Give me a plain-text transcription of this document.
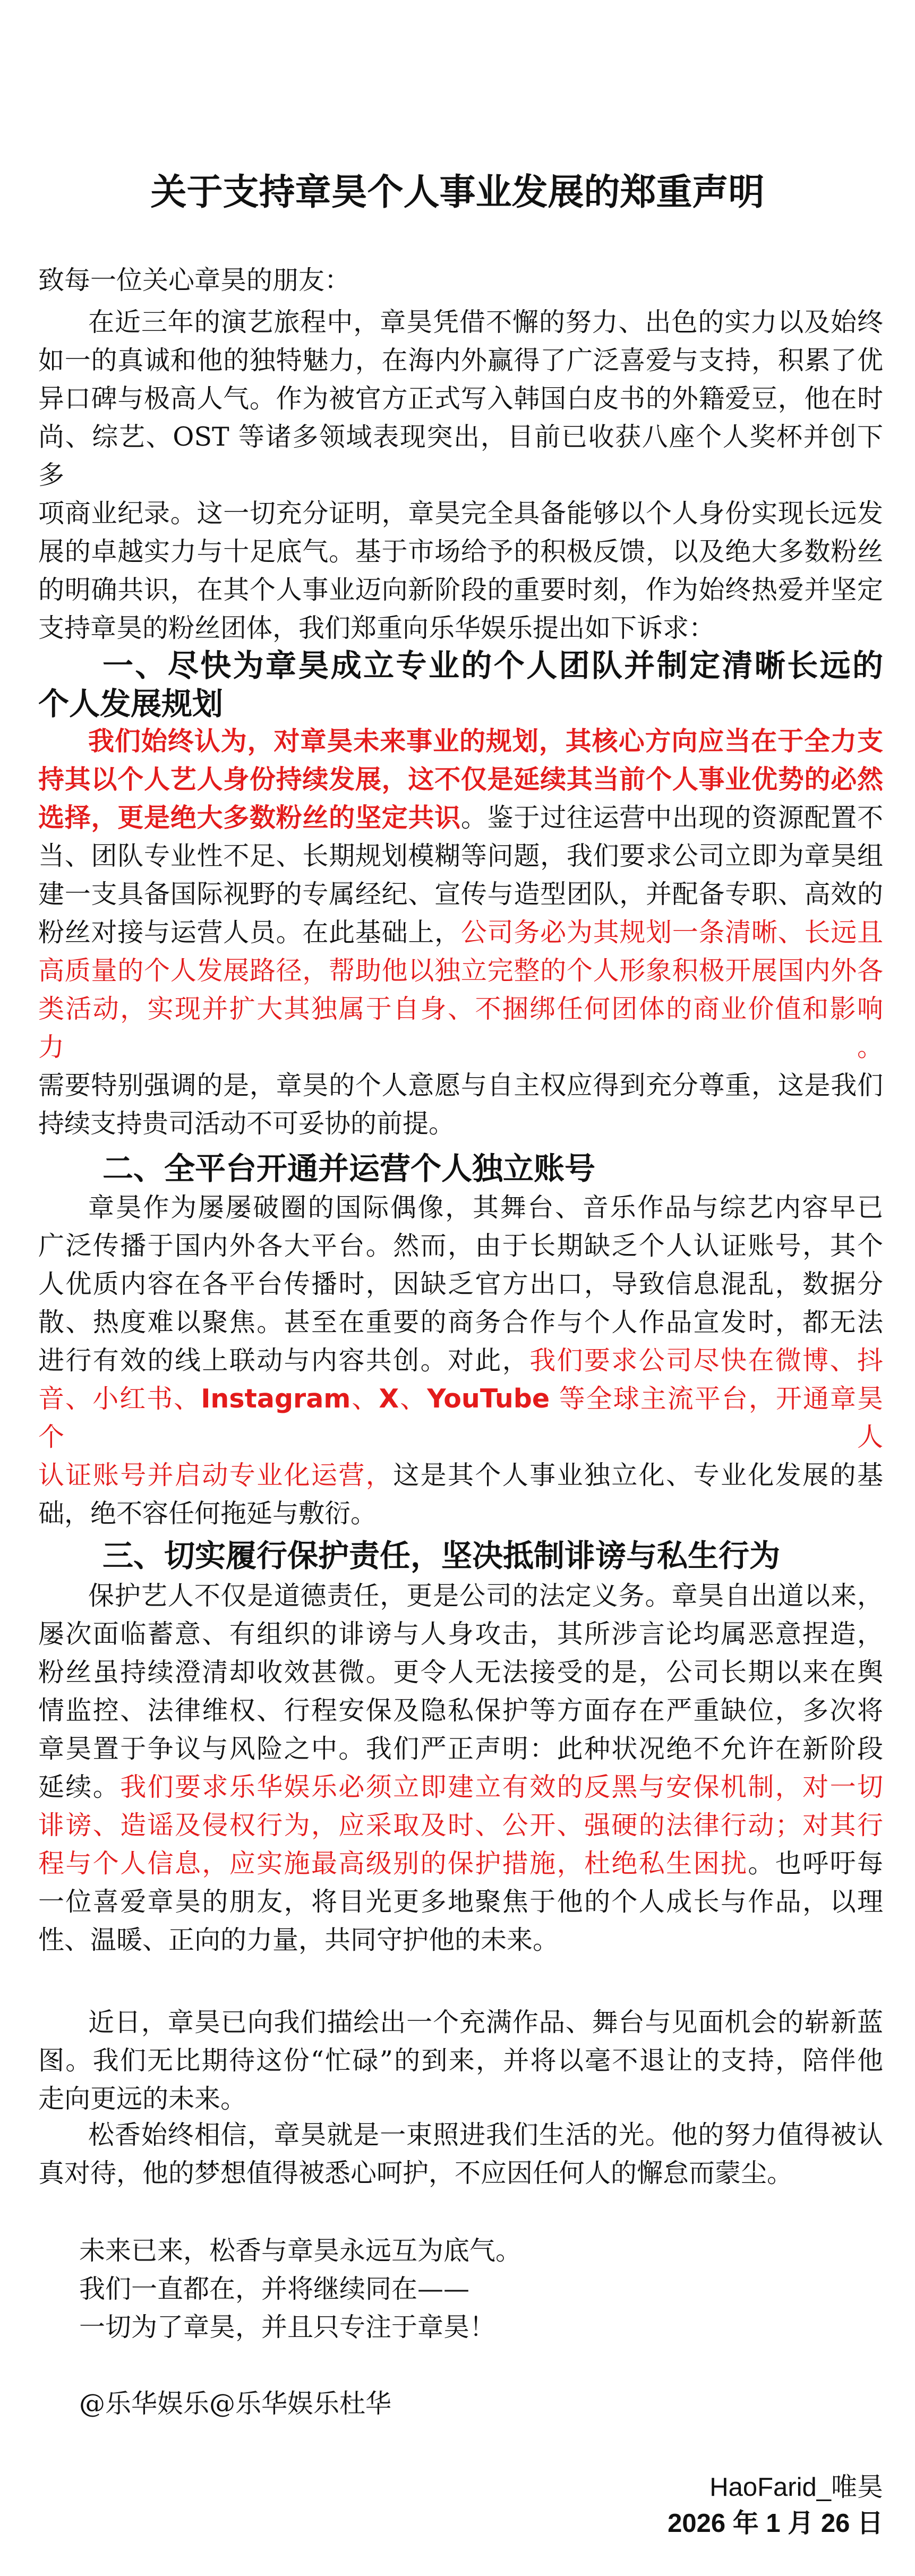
关于支持章昊个人事业发展的郑重声明
致每一位关心章昊的朋友：
在近三年的演艺旅程中，章昊凭借不懈的努力、出色的实力以及始终
如一的真诚和他的独特魅力，在海内外赢得了广泛喜爱与支持，积累了优
异口碑与极高人气。作为被官方正式写入韩国白皮书的外籍爱豆，他在时
尚、综艺、OST 等诸多领域表现突出，目前已收获八座个人奖杯并创下多
项商业纪录。这一切充分证明，章昊完全具备能够以个人身份实现长远发
展的卓越实力与十足底气。基于市场给予的积极反馈，以及绝大多数粉丝
的明确共识，在其个人事业迈向新阶段的重要时刻，作为始终热爱并坚定
支持章昊的粉丝团体，我们郑重向乐华娱乐提出如下诉求：
一、尽快为章昊成立专业的个人团队并制定清晰长远的
个人发展规划
我们始终认为，对章昊未来事业的规划，其核心方向应当在于全力支
持其以个人艺人身份持续发展，这不仅是延续其当前个人事业优势的必然
选择，更是绝大多数粉丝的坚定共识。鉴于过往运营中出现的资源配置不
当、团队专业性不足、长期规划模糊等问题，我们要求公司立即为章昊组
建一支具备国际视野的专属经纪、宣传与造型团队，并配备专职、高效的
粉丝对接与运营人员。在此基础上，公司务必为其规划一条清晰、长远且
高质量的个人发展路径，帮助他以独立完整的个人形象积极开展国内外各
类活动，实现并扩大其独属于自身、不捆绑任何团体的商业价值和影响力。
需要特别强调的是，章昊的个人意愿与自主权应得到充分尊重，这是我们
持续支持贵司活动不可妥协的前提。
二、全平台开通并运营个人独立账号
章昊作为屡屡破圈的国际偶像，其舞台、音乐作品与综艺内容早已
广泛传播于国内外各大平台。然而，由于长期缺乏个人认证账号，其个
人优质内容在各平台传播时，因缺乏官方出口，导致信息混乱，数据分
散、热度难以聚焦。甚至在重要的商务合作与个人作品宣发时，都无法
进行有效的线上联动与内容共创。对此，我们要求公司尽快在微博、抖
音、小红书、Instagram、X、YouTube 等全球主流平台，开通章昊个人
认证账号并启动专业化运营，这是其个人事业独立化、专业化发展的基
础，绝不容任何拖延与敷衍。
三、切实履行保护责任，坚决抵制诽谤与私生行为
保护艺人不仅是道德责任，更是公司的法定义务。章昊自出道以来，
屡次面临蓄意、有组织的诽谤与人身攻击，其所涉言论均属恶意捏造，
粉丝虽持续澄清却收效甚微。更令人无法接受的是，公司长期以来在舆
情监控、法律维权、行程安保及隐私保护等方面存在严重缺位，多次将
章昊置于争议与风险之中。我们严正声明：此种状况绝不允许在新阶段
延续。我们要求乐华娱乐必须立即建立有效的反黑与安保机制，对一切
诽谤、造谣及侵权行为，应采取及时、公开、强硬的法律行动；对其行
程与个人信息，应实施最高级别的保护措施，杜绝私生困扰。也呼吁每
一位喜爱章昊的朋友，将目光更多地聚焦于他的个人成长与作品，以理
性、温暖、正向的力量，共同守护他的未来。
近日，章昊已向我们描绘出一个充满作品、舞台与见面机会的崭新蓝
图。我们无比期待这份“忙碌”的到来，并将以毫不退让的支持，陪伴他
走向更远的未来。
松香始终相信，章昊就是一束照进我们生活的光。他的努力值得被认
真对待，他的梦想值得被悉心呵护，不应因任何人的懈怠而蒙尘。
未来已来，松香与章昊永远互为底气。
我们一直都在，并将继续同在——
一切为了章昊，并且只专注于章昊！
@乐华娱乐@乐华娱乐杜华
HaoFarid_唯昊
2026 年 1 月 26 日
